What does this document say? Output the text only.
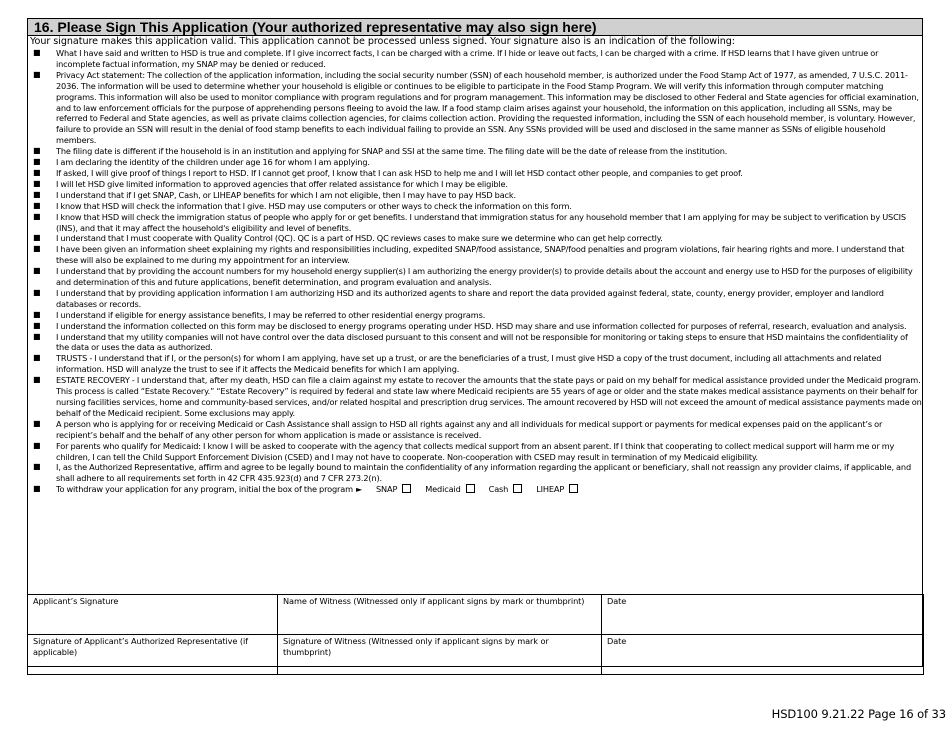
16. Please Sign This Application (Your authorized representative may also sign here)
Your signature makes this application valid. This application cannot be processed unless signed. Your signature also is an indication of the following:
■ What I have said and written to HSD is true and complete. If I give incorrect facts, I can be charged with a crime. If I hide or leave out facts, I can be charged with a crime. If HSD learns that I have given untrue or incomplete factual information, my SNAP may be denied or reduced.
■ Privacy Act statement: The collection of the application information, including the social security number (SSN) of each household member, is authorized under the Food Stamp Act of 1977, as amended, 7 U.S.C. 2011-2036. The information will be used to determine whether your household is eligible or continues to be eligible to participate in the Food Stamp Program. We will verify this information through computer matching programs. This information will also be used to monitor compliance with program regulations and for program management. This information may be disclosed to other Federal and State agencies for official examination, and to law enforcement officials for the purpose of apprehending persons fleeing to avoid the law. If a food stamp claim arises against your household, the information on this application, including all SSNs, may be referred to Federal and State agencies, as well as private claims collection agencies, for claims collection action. Providing the requested information, including the SSN of each household member, is voluntary. However, failure to provide an SSN will result in the denial of food stamp benefits to each individual failing to provide an SSN. Any SSNs provided will be used and disclosed in the same manner as SSNs of eligible household members.
■ The filing date is different if the household is in an institution and applying for SNAP and SSI at the same time. The filing date will be the date of release from the institution.
■ I am declaring the identity of the children under age 16 for whom I am applying.
■ If asked, I will give proof of things I report to HSD. If I cannot get proof, I know that I can ask HSD to help me and I will let HSD contact other people, and companies to get proof.
■ I will let HSD give limited information to approved agencies that offer related assistance for which I may be eligible.
■ I understand that if I get SNAP, Cash, or LIHEAP benefits for which I am not eligible, then I may have to pay HSD back.
■ I know that HSD will check the information that I give. HSD may use computers or other ways to check the information on this form.
■ I know that HSD will check the immigration status of people who apply for or get benefits. I understand that immigration status for any household member that I am applying for may be subject to verification by USCIS (INS), and that it may affect the household's eligibility and level of benefits.
■ I understand that I must cooperate with Quality Control (QC). QC is a part of HSD. QC reviews cases to make sure we determine who can get help correctly.
■ I have been given an information sheet explaining my rights and responsibilities including, expedited SNAP/food assistance, SNAP/food penalties and program violations, fair hearing rights and more. I understand that these will also be explained to me during my appointment for an interview.
■ I understand that by providing the account numbers for my household energy supplier(s) I am authorizing the energy provider(s) to provide details about the account and energy use to HSD for the purposes of eligibility and determination of this and future applications, benefit determination, and program evaluation and analysis.
■ I understand that by providing application information I am authorizing HSD and its authorized agents to share and report the data provided against federal, state, county, energy provider, employer and landlord databases or records.
■ I understand if eligible for energy assistance benefits, I may be referred to other residential energy programs.
■ I understand the information collected on this form may be disclosed to energy programs operating under HSD. HSD may share and use information collected for purposes of referral, research, evaluation and analysis.
■ I understand that my utility companies will not have control over the data disclosed pursuant to this consent and will not be responsible for monitoring or taking steps to ensure that HSD maintains the confidentiality of the data or uses the data as authorized.
■ TRUSTS - I understand that if I, or the person(s) for whom I am applying, have set up a trust, or are the beneficiaries of a trust, I must give HSD a copy of the trust document, including all attachments and related information. HSD will analyze the trust to see if it affects the Medicaid benefits for which I am applying.
■ ESTATE RECOVERY - I understand that, after my death, HSD can file a claim against my estate to recover the amounts that the state pays or paid on my behalf for medical assistance provided under the Medicaid program. This process is called “Estate Recovery.” “Estate Recovery” is required by federal and state law where Medicaid recipients are 55 years of age or older and the state makes medical assistance payments on their behalf for nursing facilities services, home and community-based services, and/or related hospital and prescription drug services. The amount recovered by HSD will not exceed the amount of medical assistance payments made on behalf of the Medicaid recipient. Some exclusions may apply.
■ A person who is applying for or receiving Medicaid or Cash Assistance shall assign to HSD all rights against any and all individuals for medical support or payments for medical expenses paid on the applicant’s or recipient’s behalf and the behalf of any other person for whom application is made or assistance is received.
■ For parents who qualify for Medicaid: I know I will be asked to cooperate with the agency that collects medical support from an absent parent. If I think that cooperating to collect medical support will harm me or my children, I can tell the Child Support Enforcement Division (CSED) and I may not have to cooperate. Non-cooperation with CSED may result in termination of my Medicaid eligibility.
■ I, as the Authorized Representative, affirm and agree to be legally bound to maintain the confidentiality of any information regarding the applicant or beneficiary, shall not reassign any provider claims, if applicable, and shall adhere to all requirements set forth in 42 CFR 435.923(d) and 7 CFR 273.2(n).
■ To withdraw your application for any program, initial the box of the program ► SNAP	Medicaid	Cash	LIHEAP
Applicant’s Signature	Name of Witness (Witnessed only if applicant signs by mark or thumbprint)	Date
Signature of Applicant’s Authorized Representative (if applicable)	Signature of Witness (Witnessed only if applicant signs by mark or thumbprint)	Date
HSD100 9.21.22 Page 16 of 33
